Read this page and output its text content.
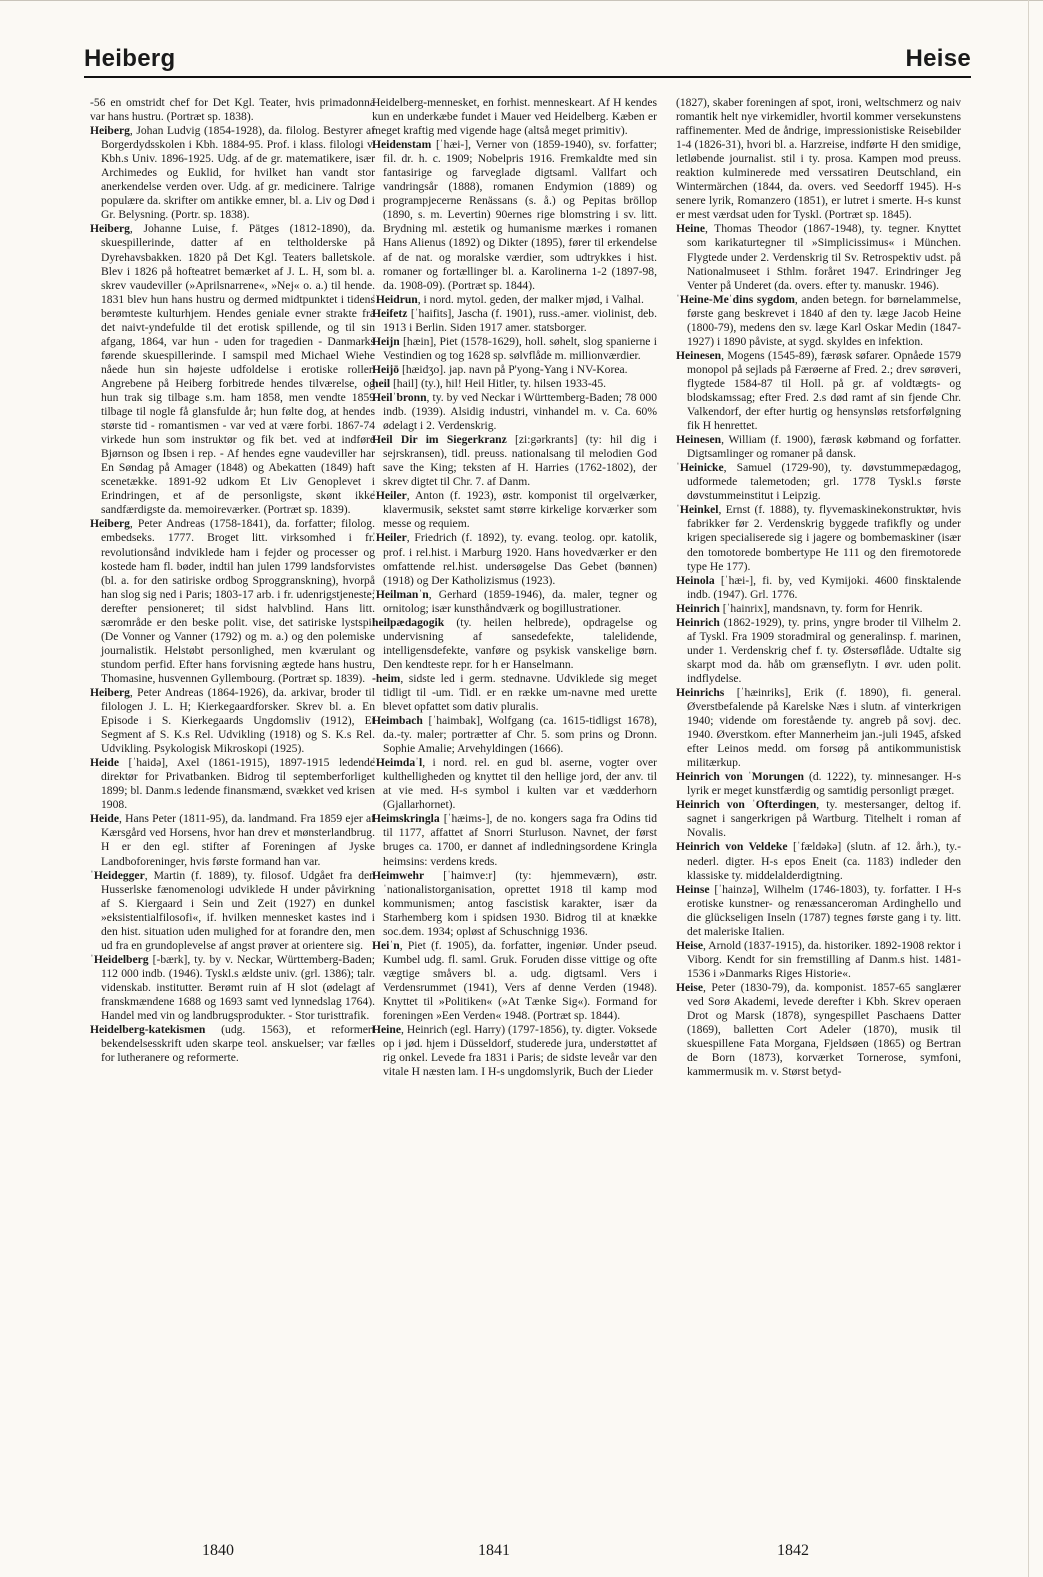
Heiberg	Heise

-56 en omstridt chef for Det Kgl. Teater, hvis primadonna var hans hustru. (Portræt sp. 1838).

Heiberg, Johan Ludvig (1854-1928), da. filolog. Bestyrer af Borgerdydsskolen i Kbh. 1884-95. Prof. i klass. filologi v. Kbh.s Univ. 1896-1925. Udg. af de gr. matematikere, især Archimedes og Euklid, for hvilket han vandt stor anerkendelse verden over. Udg. af gr. medicinere. Talrige populære da. skrifter om antikke emner, bl. a. Liv og Død i Gr. Belysning. (Portr. sp. 1838).

Heiberg, Johanne Luise, f. Pätges (1812-1890), da. skuespillerinde, datter af en teltholderske på Dyrehavsbakken. 1820 på Det Kgl. Teaters balletskole. Blev i 1826 på hofteatret bemærket af J. L. H, som bl. a. skrev vaudeviller (»Aprilsnarrene«, »Nej« o. a.) til hende. 1831 blev hun hans hustru og dermed midtpunktet i tidens berømteste kulturhjem. Hendes geniale evner strakte fra det naivt-yndefulde til det erotisk spillende, og til sin afgang, 1864, var hun - uden for tragedien - Danmarks førende skuespillerinde. I samspil med Michael Wiehe nåede hun sin højeste udfoldelse i erotiske roller. Angrebene på Heiberg forbitrede hendes tilværelse, og hun trak sig tilbage s.m. ham 1858, men vendte 1859 tilbage til nogle få glansfulde år; hun følte dog, at hendes største tid - romantismen - var ved at være forbi. 1867-74 virkede hun som instruktør og fik bet. ved at indføre Bjørnson og Ibsen i rep. - Af hendes egne vaudeviller har En Søndag på Amager (1848) og Abekatten (1849) haft scenetække. 1891-92 udkom Et Liv Genoplevet i Erindringen, et af de personligste, skønt ikke sandfærdigste da. memoireværker. (Portræt sp. 1839).

Heiberg, Peter Andreas (1758-1841), da. forfatter; filolog. embedseks. 1777. Broget litt. virksomhed i fr. revolutionsånd indviklede ham i fejder og processer og kostede ham fl. bøder, indtil han julen 1799 landsforvistes (bl. a. for den satiriske ordbog Sproggranskning), hvorpå han slog sig ned i Paris; 1803-17 arb. i fr. udenrigstjeneste; derefter pensioneret; til sidst halvblind. Hans litt. særområde er den beske polit. vise, det satiriske lystspil (De Vonner og Vanner (1792) og m. a.) og den polemiske journalistik. Helstøbt personlighed, men kværulant og stundom perfid. Efter hans forvisning ægtede hans hustru, Thomasine, husvennen Gyllembourg. (Portræt sp. 1839).

Heiberg, Peter Andreas (1864-1926), da. arkivar, broder til filologen J. L. H; Kierkegaardforsker. Skrev bl. a. En Episode i S. Kierkegaards Ungdomsliv (1912), Et Segment af S. K.s Rel. Udvikling (1918) og S. K.s Rel. Udvikling. Psykologisk Mikroskopi (1925).

Heide [ˈhaidə], Axel (1861-1915), 1897-1915 ledende direktør for Privatbanken. Bidrog til septemberforliget 1899; bl. Danm.s ledende finansmænd, svækket ved krisen 1908.

Heide, Hans Peter (1811-95), da. landmand. Fra 1859 ejer af Kærsgård ved Horsens, hvor han drev et mønsterlandbrug. H er den egl. stifter af Foreningen af Jyske Landboforeninger, hvis første formand han var.

ˈHeidegger, Martin (f. 1889), ty. filosof. Udgået fra den Husserlske fænomenologi udviklede H under påvirkning af S. Kiergaard i Sein und Zeit (1927) en dunkel »eksistentialfilosofi«, if. hvilken mennesket kastes ind i den hist. situation uden mulighed for at forandre den, men ud fra en grundoplevelse af angst prøver at orientere sig.

ˈHeidelberg [-bærk], ty. by v. Neckar, Württemberg-Baden; 112 000 indb. (1946). Tyskl.s ældste univ. (grl. 1386); talr. videnskab. institutter. Berømt ruin af H slot (ødelagt af franskmændene 1688 og 1693 samt ved lynnedslag 1764). Handel med vin og landbrugsprodukter. - Stor turisttrafik.

Heidelberg-katekismen (udg. 1563), et reformert bekendelsesskrift uden skarpe teol. anskuelser; var fælles for lutheranere og reformerte.

Heidelberg-mennesket, en forhist. menneskeart. Af H kendes kun en underkæbe fundet i Mauer ved Heidelberg. Kæben er meget kraftig med vigende hage (altså meget primitiv).

Heidenstam [ˈhæi-], Verner von (1859-1940), sv. forfatter; fil. dr. h. c. 1909; Nobelpris 1916. Fremkaldte med sin fantasirige og farveglade digtsaml. Vallfart och vandringsår (1888), romanen Endymion (1889) og programpjecerne Renässans (s. å.) og Pepitas bröllop (1890, s. m. Levertin) 90ernes rige blomstring i sv. litt. Brydning ml. æstetik og humanisme mærkes i romanen Hans Alienus (1892) og Dikter (1895), fører til erkendelse af de nat. og moralske værdier, som udtrykkes i hist. romaner og fortællinger bl. a. Karolinerna 1-2 (1897-98, da. 1908-09). (Portræt sp. 1844).

ˈHeidrun, i nord. mytol. geden, der malker mjød, i Valhal.

Heifetz [ˈhaifits], Jascha (f. 1901), russ.-amer. violinist, deb. 1913 i Berlin. Siden 1917 amer. statsborger.

Heijn [hæin], Piet (1578-1629), holl. søhelt, slog spanierne i Vestindien og tog 1628 sp. sølvflåde m. millionværdier.

Heijō [hæidʒo]. jap. navn på P'yong-Yang i NV-Korea.

heil [hail] (ty.), hil! Heil Hitler, ty. hilsen 1933-45.

Heilˈbronn, ty. by ved Neckar i Württemberg-Baden; 78 000 indb. (1939). Alsidig industri, vinhandel m. v. Ca. 60% ødelagt i 2. Verdenskrig.

Heil Dir im Siegerkranz [zi:gərkrants] (ty: hil dig i sejrskransen), tidl. preuss. nationalsang til melodien God save the King; teksten af H. Harries (1762-1802), der skrev digtet til Chr. 7. af Danm.

ˈHeiler, Anton (f. 1923), østr. komponist til orgelværker, klavermusik, sekstet samt større kirkelige korværker som messe og requiem.

ˈHeiler, Friedrich (f. 1892), ty. evang. teolog. opr. katolik, prof. i rel.hist. i Marburg 1920. Hans hovedværker er den omfattende rel.hist. undersøgelse Das Gebet (bønnen) (1918) og Der Katholizismus (1923).

ˈHeilmanˈn, Gerhard (1859-1946), da. maler, tegner og ornitolog; især kunsthåndværk og bogillustrationer.

heilpædagogik (ty. heilen helbrede), opdragelse og undervisning af sansedefekte, talelidende, intelligensdefekte, vanføre og psykisk vanskelige børn. Den kendteste repr. for h er Hanselmann.

-heim, sidste led i germ. stednavne. Udviklede sig meget tidligt til -um. Tidl. er en række um-navne med urette blevet opfattet som dativ pluralis.

Heimbach [ˈhaimbak], Wolfgang (ca. 1615-tidligst 1678), da.-ty. maler; portrætter af Chr. 5. som prins og Dronn. Sophie Amalie; Arvehyldingen (1666).

ˈHeimdaˈl, i nord. rel. en gud bl. aserne, vogter over kulthelligheden og knyttet til den hellige jord, der anv. til at vie med. H-s symbol i kulten var et vædderhorn (Gjallarhornet).

Heimskringla [ˈhæims-], de no. kongers saga fra Odins tid til 1177, affattet af Snorri Sturluson. Navnet, der først bruges ca. 1700, er dannet af indledningsordene Kringla heimsins: verdens kreds.

Heimwehr [ˈhaimve:r] (ty: hjemmeværn), østr. ˈnationalistorganisation, oprettet 1918 til kamp mod kommunismen; antog fascistisk karakter, især da Starhemberg kom i spidsen 1930. Bidrog til at knække soc.dem. 1934; opløst af Schuschnigg 1936.

Heiˈn, Piet (f. 1905), da. forfatter, ingeniør. Under pseud. Kumbel udg. fl. saml. Gruk. Foruden disse vittige og ofte vægtige småvers bl. a. udg. digtsaml. Vers i Verdensrummet (1941), Vers af denne Verden (1948). Knyttet til »Politiken« (»At Tænke Sig«). Formand for foreningen »Een Verden« 1948. (Portræt sp. 1844).

Heine, Heinrich (egl. Harry) (1797-1856), ty. digter. Voksede op i jød. hjem i Düsseldorf, studerede jura, understøttet af rig onkel. Levede fra 1831 i Paris; de sidste leveår var den vitale H næsten lam. I H-s ungdomslyrik, Buch der Lieder

(1827), skaber foreningen af spot, ironi, weltschmerz og naiv romantik helt nye virkemidler, hvortil kommer versekunstens raffinementer. Med de åndrige, impressionistiske Reisebilder 1-4 (1826-31), hvori bl. a. Harzreise, indførte H den smidige, letløbende journalist. stil i ty. prosa. Kampen mod preuss. reaktion kulminerede med verssatiren Deutschland, ein Wintermärchen (1844, da. overs. ved Seedorff 1945). H-s senere lyrik, Romanzero (1851), er lutret i smerte. H-s kunst er mest værdsat uden for Tyskl. (Portræt sp. 1845).

Heine, Thomas Theodor (1867-1948), ty. tegner. Knyttet som karikaturtegner til »Simplicissimus« i München. Flygtede under 2. Verdenskrig til Sv. Retrospektiv udst. på Nationalmuseet i Sthlm. foråret 1947. Erindringer Jeg Venter på Underet (da. overs. efter ty. manuskr. 1946).

ˈHeine-Meˈdins sygdom, anden betegn. for børnelammelse, første gang beskrevet i 1840 af den ty. læge Jacob Heine (1800-79), medens den sv. læge Karl Oskar Medin (1847-1927) i 1890 påviste, at sygd. skyldes en infektion.

Heinesen, Mogens (1545-89), færøsk søfarer. Opnåede 1579 monopol på sejlads på Færøerne af Fred. 2.; drev sørøveri, flygtede 1584-87 til Holl. på gr. af voldtægts- og blodskamssag; efter Fred. 2.s død ramt af sin fjende Chr. Valkendorf, der efter hurtig og hensynsløs retsforfølgning fik H henrettet.

Heinesen, William (f. 1900), færøsk købmand og forfatter. Digtsamlinger og romaner på dansk.

ˈHeinicke, Samuel (1729-90), ty. døvstummepædagog, udformede talemetoden; grl. 1778 Tyskl.s første døvstummeinstitut i Leipzig.

ˈHeinkel, Ernst (f. 1888), ty. flyvemaskinekonstruktør, hvis fabrikker før 2. Verdenskrig byggede trafikfly og under krigen specialiserede sig i jagere og bombemaskiner (især den tomotorede bombertype He 111 og den firemotorede type He 177).

Heinola [ˈhæi-], fi. by, ved Kymijoki. 4600 finsktalende indb. (1947). Grl. 1776.

Heinrich [ˈhainriх], mandsnavn, ty. form for Henrik.

Heinrich (1862-1929), ty. prins, yngre broder til Vilhelm 2. af Tyskl. Fra 1909 storadmiral og generalinsp. f. marinen, under 1. Verdenskrig chef f. ty. Østersøflåde. Udtalte sig skarpt mod da. håb om grænseflytn. I øvr. uden polit. indflydelse.

Heinrichs [ˈhæinriks], Erik (f. 1890), fi. general. Øverstbefalende på Karelske Næs i slutn. af vinterkrigen 1940; vidende om forestående ty. angreb på sovj. dec. 1940. Øverstkom. efter Mannerheim jan.-juli 1945, afsked efter Leinos medd. om forsøg på antikommunistisk militærkup.

Heinrich von ˈMorungen (d. 1222), ty. minnesanger. H-s lyrik er meget kunstfærdig og samtidig personligt præget.

Heinrich von ˈOfterdingen, ty. mestersanger, deltog if. sagnet i sangerkrigen på Wartburg. Titelhelt i roman af Novalis.

Heinrich von Veldeke [ˈfældəkə] (slutn. af 12. årh.), ty.-nederl. digter. H-s epos Eneit (ca. 1183) indleder den klassiske ty. middelalderdigtning.

Heinse [ˈhainzə], Wilhelm (1746-1803), ty. forfatter. I H-s erotiske kunstner- og renæssanceroman Ardinghello und die glückseligen Inseln (1787) tegnes første gang i ty. litt. det maleriske Italien.

Heise, Arnold (1837-1915), da. historiker. 1892-1908 rektor i Viborg. Kendt for sin fremstilling af Danm.s hist. 1481-1536 i »Danmarks Riges Historie«.

Heise, Peter (1830-79), da. komponist. 1857-65 sanglærer ved Sorø Akademi, levede derefter i Kbh. Skrev operaen Drot og Marsk (1878), syngespillet Paschaens Datter (1869), balletten Cort Adeler (1870), musik til skuespillene Fata Morgana, Fjeldsøen (1865) og Bertran de Born (1873), korværket Tornerose, symfoni, kammermusik m. v. Størst betyd-

1840	1841	1842
